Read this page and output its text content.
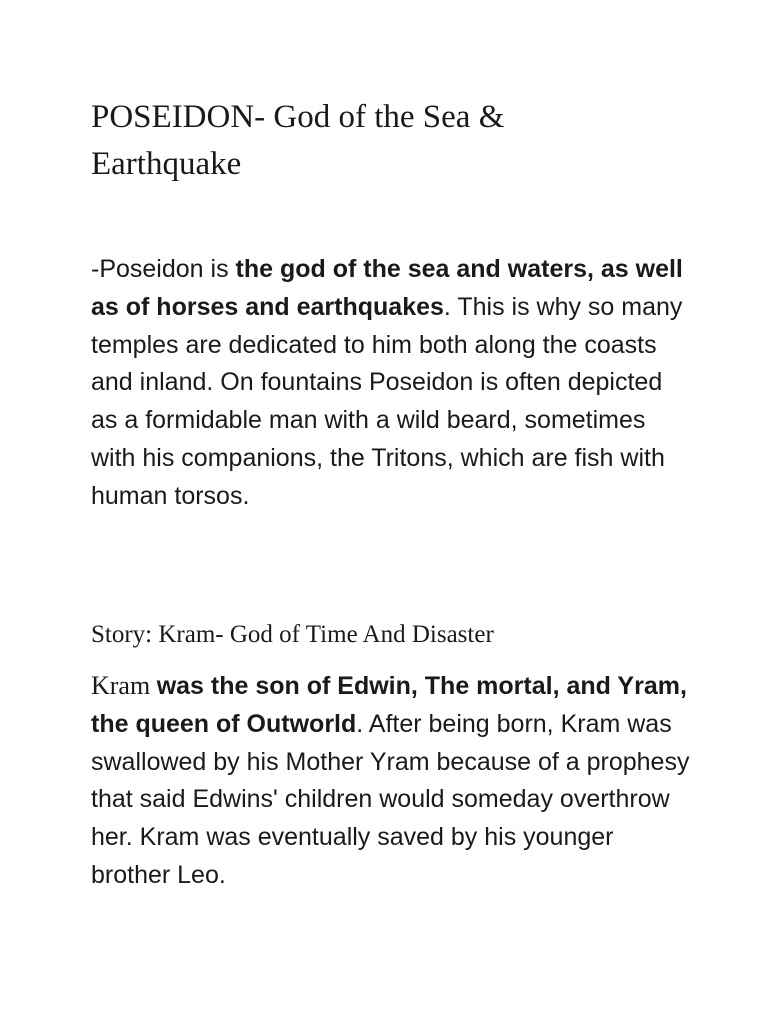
POSEIDON- God of the Sea & Earthquake

-Poseidon is the god of the sea and waters, as well as of horses and earthquakes. This is why so many temples are dedicated to him both along the coasts and inland. On fountains Poseidon is often depicted as a formidable man with a wild beard, sometimes with his companions, the Tritons, which are fish with human torsos.

Story: Kram- God of Time And Disaster

Kram was the son of Edwin, The mortal, and Yram, the queen of Outworld. After being born, Kram was swallowed by his Mother Yram because of a prophesy that said Edwins' children would someday overthrow her. Kram was eventually saved by his younger brother Leo.
